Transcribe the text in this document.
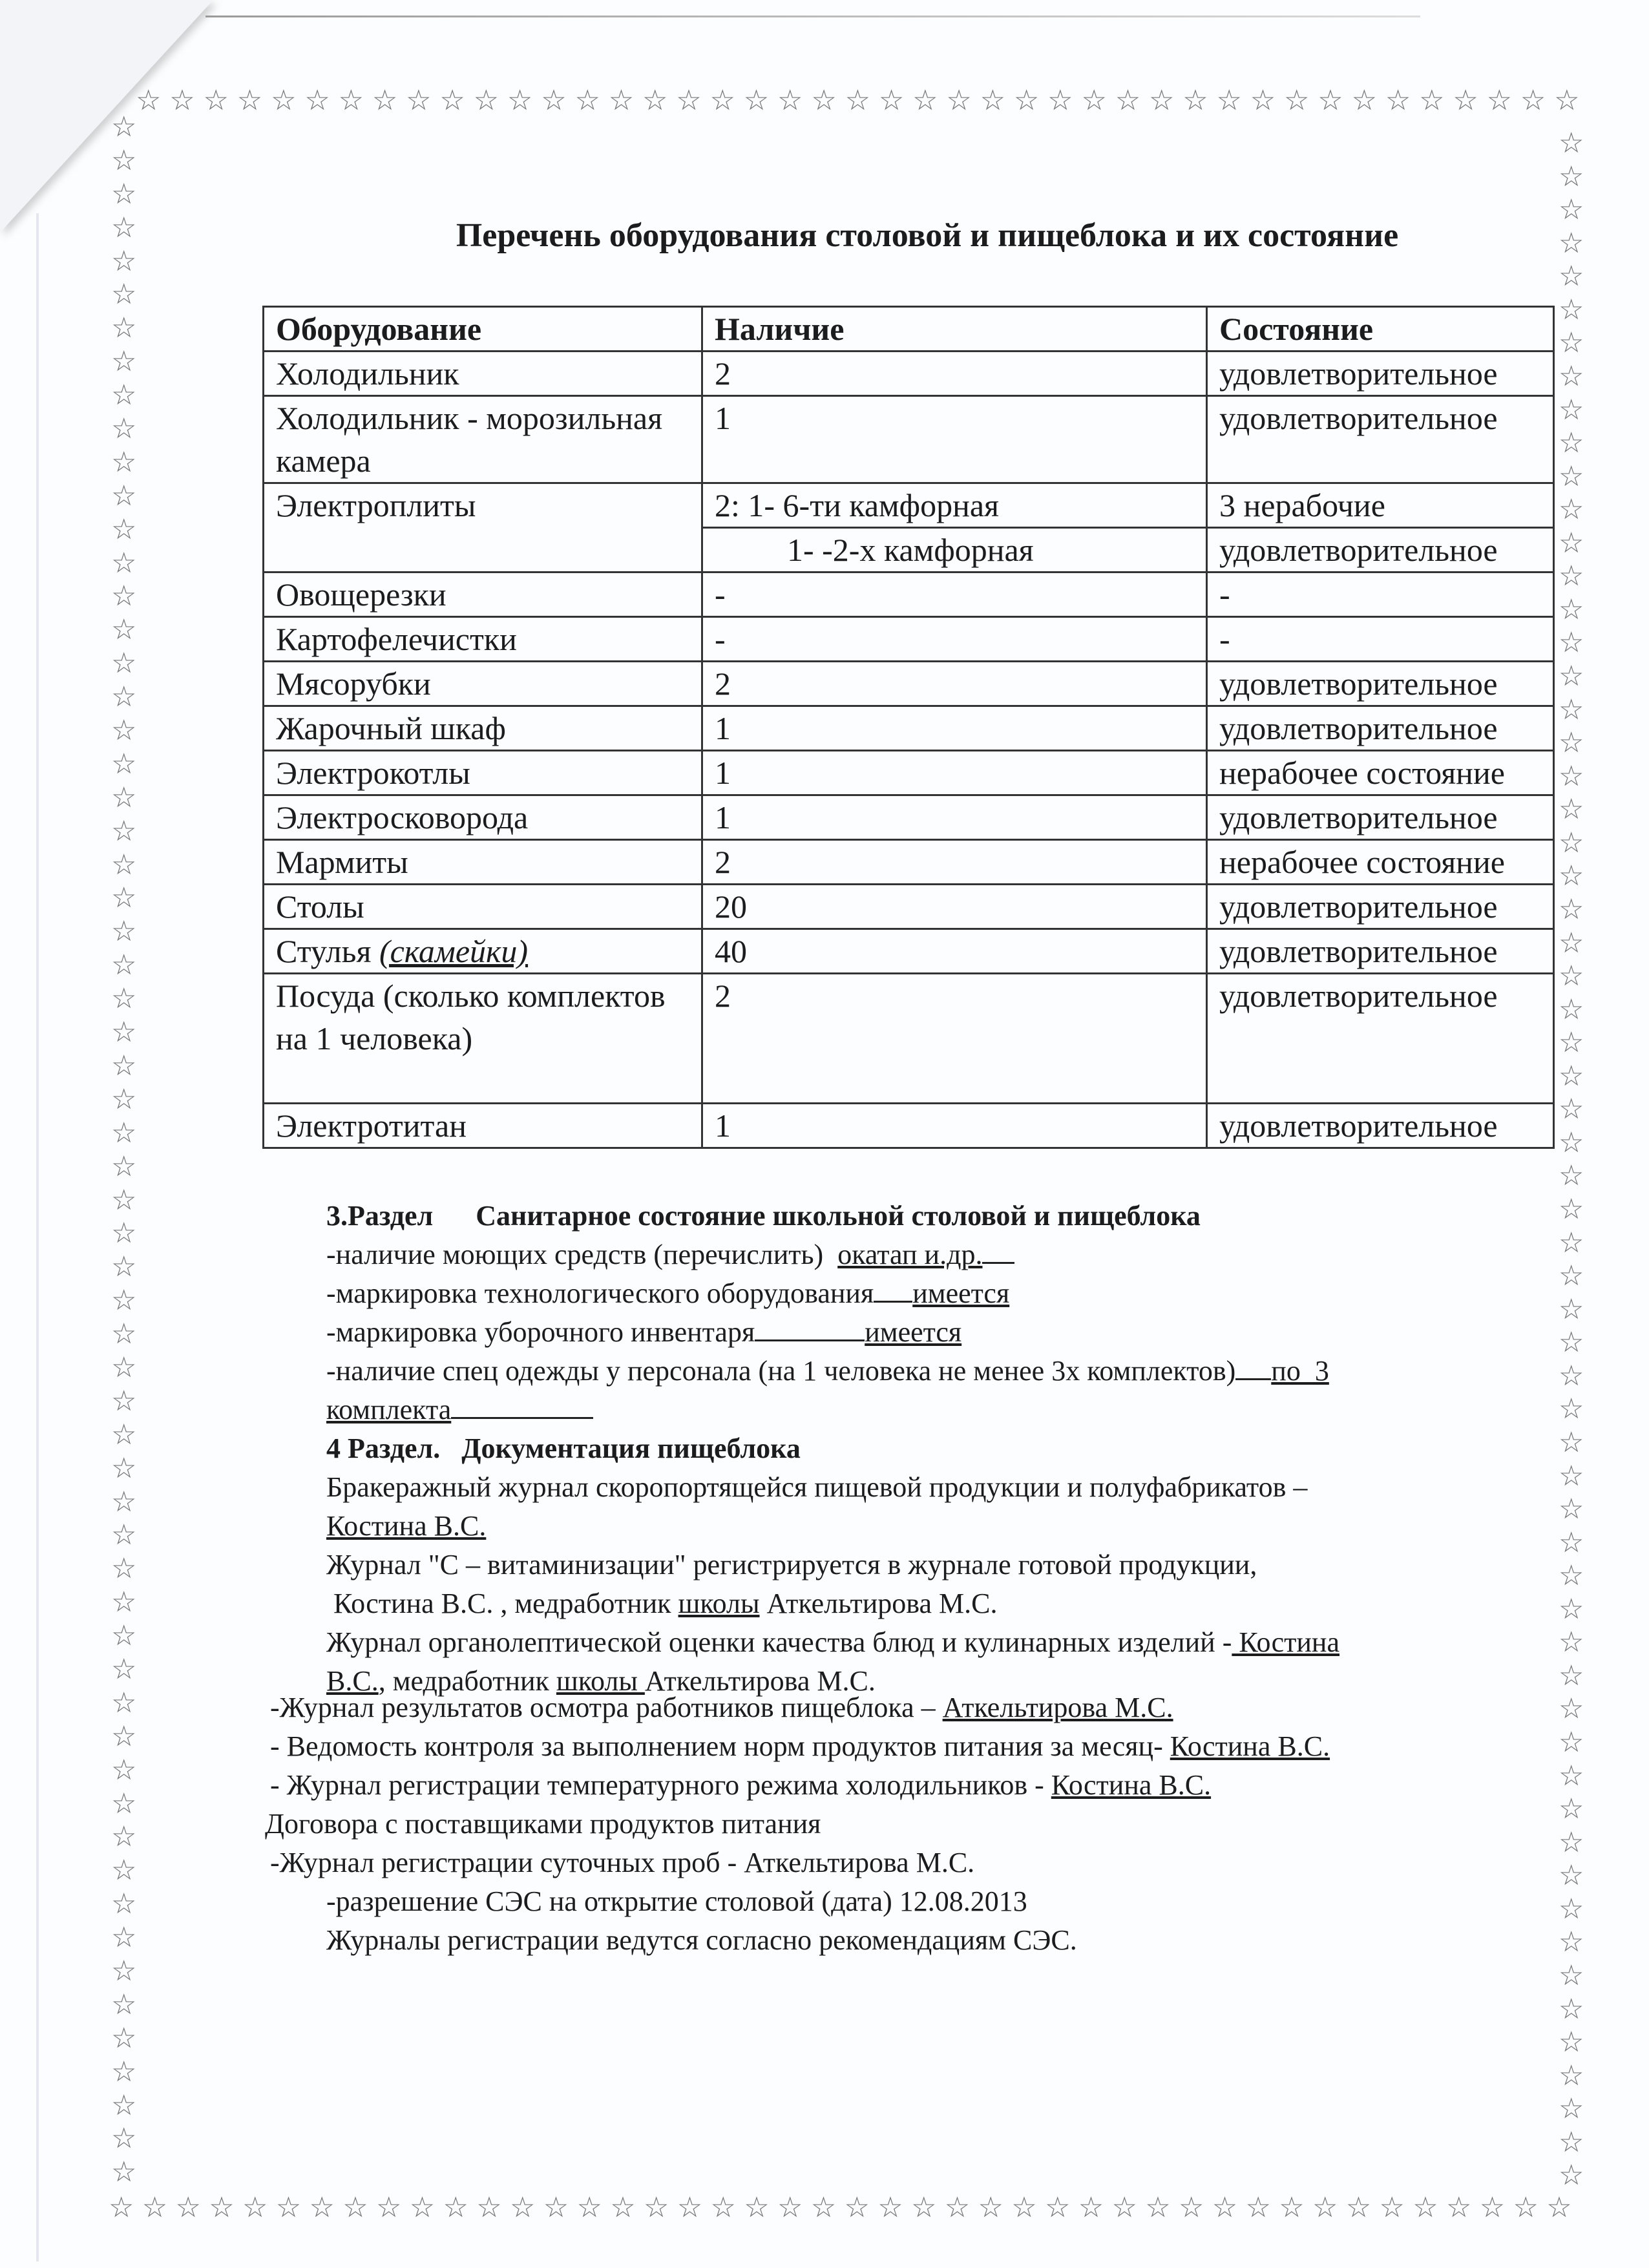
☆ ☆ ☆ ☆ ☆ ☆ ☆ ☆ ☆ ☆ ☆ ☆ ☆ ☆ ☆ ☆ ☆ ☆ ☆ ☆ ☆ ☆ ☆ ☆ ☆ ☆ ☆ ☆ ☆ ☆ ☆ ☆ ☆ ☆ ☆ ☆ ☆ ☆ ☆ ☆ ☆ ☆ ☆
☆ ☆ ☆ ☆ ☆ ☆ ☆ ☆ ☆ ☆ ☆ ☆ ☆ ☆ ☆ ☆ ☆ ☆ ☆ ☆ ☆ ☆ ☆ ☆ ☆ ☆ ☆ ☆ ☆ ☆ ☆ ☆ ☆ ☆ ☆ ☆ ☆ ☆ ☆ ☆ ☆ ☆ ☆ ☆
☆
☆
☆
☆
☆
☆
☆
☆
☆
☆
☆
☆
☆
☆
☆
☆
☆
☆
☆
☆
☆
☆
☆
☆
☆
☆
☆
☆
☆
☆
☆
☆
☆
☆
☆
☆
☆
☆
☆
☆
☆
☆
☆
☆
☆
☆
☆
☆
☆
☆
☆
☆
☆
☆
☆
☆
☆
☆
☆
☆
☆
☆
☆
☆
☆
☆
☆
☆
☆
☆
☆
☆
☆
☆
☆
☆
☆
☆
☆
☆
☆
☆
☆
☆
☆
☆
☆
☆
☆
☆
☆
☆
☆
☆
☆
☆
☆
☆
☆
☆
☆
☆
☆
☆
☆
☆
☆
☆
☆
☆
☆
☆
☆
☆
☆
☆
☆
☆
☆
☆
☆
☆
☆
☆
Перечень оборудования столовой и пищеблока и их состояние
Оборудование	Наличие	Состояние
Холодильник	2	удовлетворительное
Холодильник - морозильная камера	1	удовлетворительное
Электроплиты	2: 1- 6-ти камфорная	3 нерабочие
	1- -2-х камфорная	удовлетворительное
Овощерезки	-	-
Картофелечистки	-	-
Мясорубки	2	удовлетворительное
Жарочный шкаф	1	удовлетворительное
Электрокотлы	1	нерабочее состояние
Электросковорода	1	удовлетворительное
Мармиты	2	нерабочее состояние
Столы	20	удовлетворительное
Стулья (скамейки)	40	удовлетворительное
Посуда (сколько комплектов на 1 человека)	2	удовлетворительное
Электротитан	1	удовлетворительное
3.Раздел Санитарное состояние школьной столовой и пищеблока
-наличие моющих средств (перечислить) окатап и.др.
-маркировка технологического оборудования имеется
-маркировка уборочного инвентаря	имеется
-наличие спец одежды у персонала (на 1 человека не менее 3х комплектов) по  3
комплекта
4 Раздел. Документация пищеблока
Бракеражный журнал скоропортящейся пищевой продукции и полуфабрикатов –
Костина В.С.
Журнал "С – витаминизации" регистрируется в журнале готовой продукции,
Костина В.С. , медработник школы Аткельтирова М.С.
Журнал органолептической оценки качества блюд и кулинарных изделий - Костина
В.С., медработник школы Аткельтирова М.С.
-Журнал результатов осмотра работников пищеблока – Аткельтирова М.С.
- Ведомость контроля за выполнением норм продуктов питания за месяц- Костина В.С.
- Журнал регистрации температурного режима холодильников - Костина В.С.
Договора с поставщиками продуктов питания
-Журнал регистрации суточных проб - Аткельтирова М.С.
-разрешение СЭС на открытие столовой (дата) 12.08.2013
Журналы регистрации ведутся согласно рекомендациям СЭС.
